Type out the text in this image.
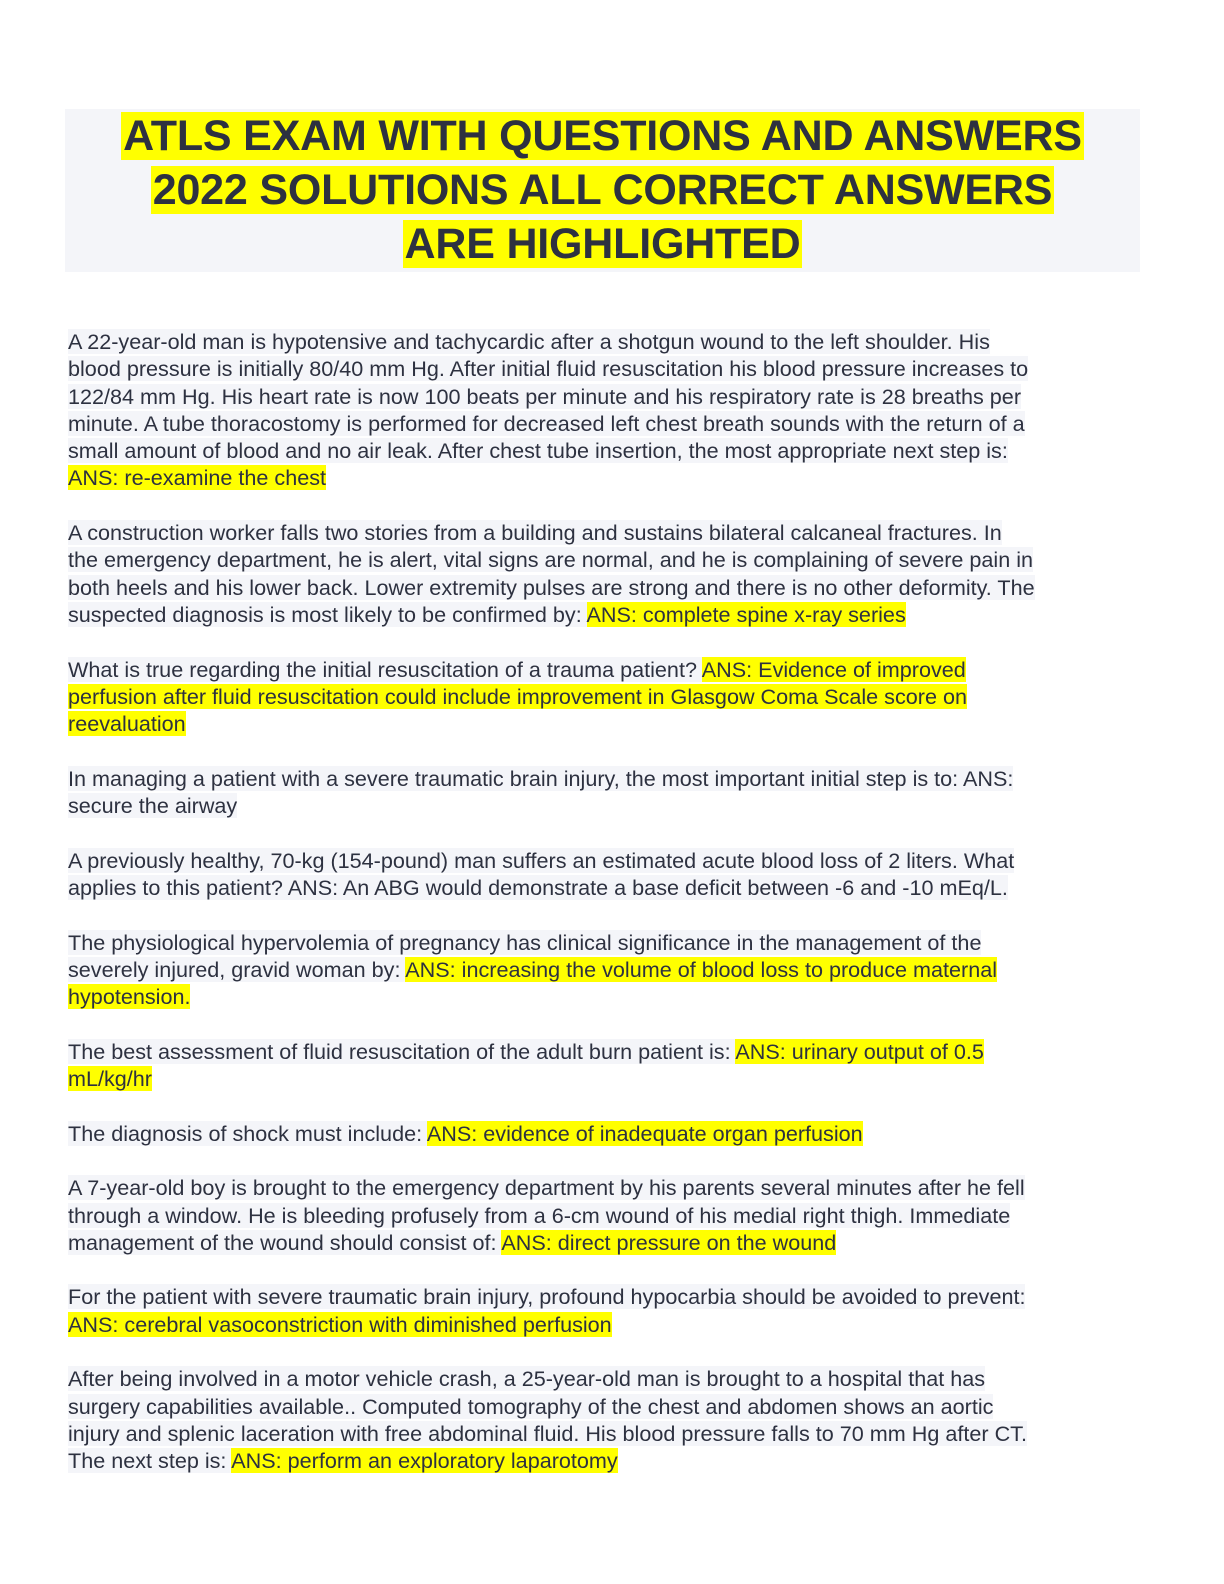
ATLS EXAM WITH QUESTIONS AND ANSWERS
2022 SOLUTIONS ALL CORRECT ANSWERS
ARE HIGHLIGHTED
A 22-year-old man is hypotensive and tachycardic after a shotgun wound to the left shoulder. His
blood pressure is initially 80/40 mm Hg. After initial fluid resuscitation his blood pressure increases to
122/84 mm Hg. His heart rate is now 100 beats per minute and his respiratory rate is 28 breaths per
minute. A tube thoracostomy is performed for decreased left chest breath sounds with the return of a
small amount of blood and no air leak. After chest tube insertion, the most appropriate next step is:
ANS: re-examine the chest
A construction worker falls two stories from a building and sustains bilateral calcaneal fractures. In
the emergency department, he is alert, vital signs are normal, and he is complaining of severe pain in
both heels and his lower back. Lower extremity pulses are strong and there is no other deformity. The
suspected diagnosis is most likely to be confirmed by: ANS: complete spine x-ray series
What is true regarding the initial resuscitation of a trauma patient? ANS: Evidence of improved
perfusion after fluid resuscitation could include improvement in Glasgow Coma Scale score on
reevaluation
In managing a patient with a severe traumatic brain injury, the most important initial step is to: ANS:
secure the airway
A previously healthy, 70-kg (154-pound) man suffers an estimated acute blood loss of 2 liters. What
applies to this patient? ANS: An ABG would demonstrate a base deficit between -6 and -10 mEq/L.
The physiological hypervolemia of pregnancy has clinical significance in the management of the
severely injured, gravid woman by: ANS: increasing the volume of blood loss to produce maternal
hypotension.
The best assessment of fluid resuscitation of the adult burn patient is: ANS: urinary output of 0.5
mL/kg/hr
The diagnosis of shock must include: ANS: evidence of inadequate organ perfusion
A 7-year-old boy is brought to the emergency department by his parents several minutes after he fell
through a window. He is bleeding profusely from a 6-cm wound of his medial right thigh. Immediate
management of the wound should consist of: ANS: direct pressure on the wound
For the patient with severe traumatic brain injury, profound hypocarbia should be avoided to prevent:
ANS: cerebral vasoconstriction with diminished perfusion
After being involved in a motor vehicle crash, a 25-year-old man is brought to a hospital that has
surgery capabilities available.. Computed tomography of the chest and abdomen shows an aortic
injury and splenic laceration with free abdominal fluid. His blood pressure falls to 70 mm Hg after CT.
The next step is: ANS: perform an exploratory laparotomy
